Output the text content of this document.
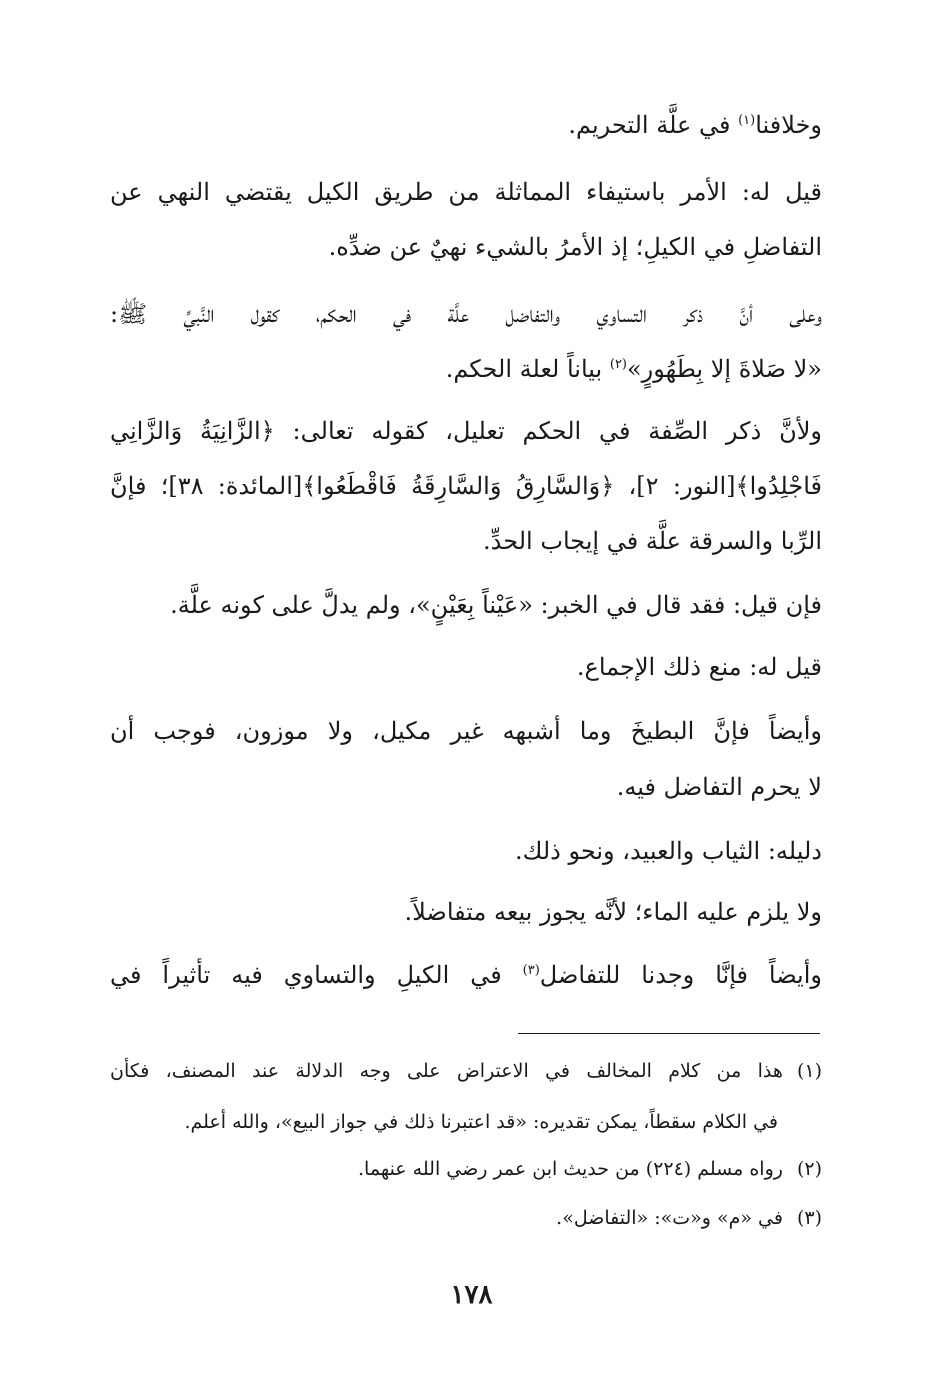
وخلافنا$^{(١)}$ في علَّة التحريم.
قيل له: الأمر باستيفاء المماثلة من طريق الكيل يقتضي النهي عن
التفاضلِ في الكيلِ؛ إذ الأمرُ بالشيء نهيٌ عن ضدِّه.
وعلى أنَّ ذكر التساوي والتفاضل علَّة في الحكم، كقول النَّبيِّ ﷺ:
«لا صَلاةَ إلا بِطَهُورٍ»$^{(٢)}$ بياناً لعلة الحكم.
ولأنَّ ذكر الصِّفة في الحكم تعليل، كقوله تعالى: ﴿الزَّانِيَةُ وَالزَّانِي
فَاجْلِدُوا﴾[النور: ٢]، ﴿وَالسَّارِقُ وَالسَّارِقَةُ فَاقْطَعُوا﴾[المائدة: ٣٨]؛ فإنَّ
الرِّبا والسرقة علَّة في إيجاب الحدِّ.
فإن قيل: فقد قال في الخبر: «عَيْناً بِعَيْنٍ»، ولم يدلَّ على كونه علَّة.
قيل له: منع ذلك الإجماع.
وأيضاً فإنَّ البطيخَ وما أشبهه غير مكيل، ولا موزون، فوجب أن
لا يحرم التفاضل فيه.
دليله: الثياب والعبيد، ونحو ذلك.
ولا يلزم عليه الماء؛ لأنَّه يجوز بيعه متفاضلاً.
وأيضاً فإنَّا وجدنا للتفاضل$^{(٣)}$ في الكيلِ والتساوي فيه تأثيراً في
(١)هذا من كلام المخالف في الاعتراض على وجه الدلالة عند المصنف، فكأن
في الكلام سقطاً، يمكن تقديره: «قد اعتبرنا ذلك في جواز البيع»، والله أعلم.
(٢)رواه مسلم (٢٢٤) من حديث ابن عمر رضي الله عنهما.
(٣)في «م» و«ت»: «التفاضل».
١٧٨
